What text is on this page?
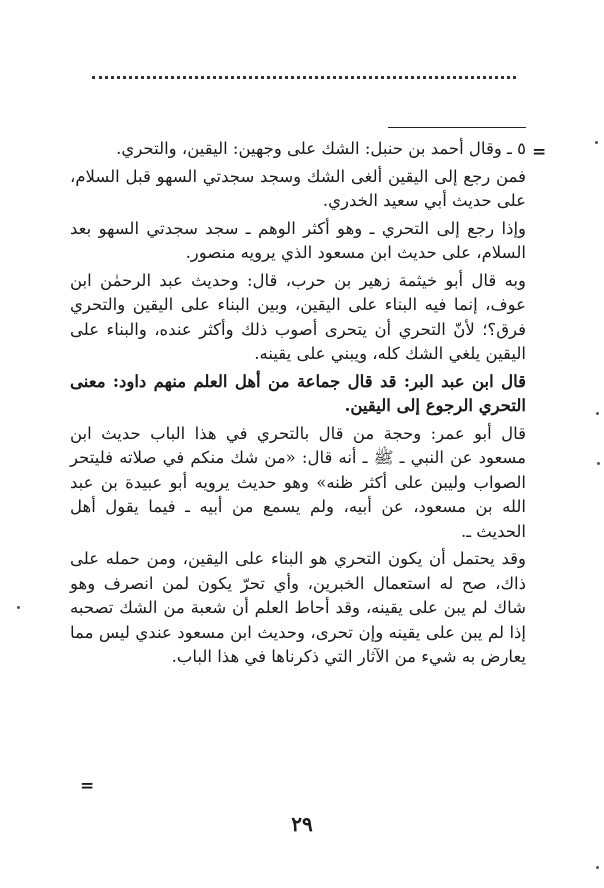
=

٥ ـ وقال أحمد بن حنبل: الشك على وجهين: اليقين، والتحري.

فمن رجع إلى اليقين ألغى الشك وسجد سجدتي السهو قبل السلام، على حديث أبي سعيد الخدري.

وإذا رجع إلى التحري ـ وهو أكثر الوهم ـ سجد سجدتي السهو بعد السلام، على حديث ابن مسعود الذي يرويه منصور.

وبه قال أبو خيثمة زهير بن حرب، قال: وحديث عبد الرحمٰن ابن عوف، إنما فيه البناء على اليقين، وبين البناء على اليقين والتحري فرق؟؛ لأنّ التحري أن يتحرى أصوب ذلك وأكثر عنده، والبناء على اليقين يلغي الشك كله، ويبني على يقينه.

قال ابن عبد البر: قد قال جماعة من أهل العلم منهم داود: معنى التحري الرجوع إلى اليقين.

قال أبو عمر: وحجة من قال بالتحري في هذا الباب حديث ابن مسعود عن النبي ـ ﷺ ـ أنه قال: «من شك منكم في صلاته فليتحر الصواب وليبن على أكثر ظنه» وهو حديث يرويه أبو عبيدة بن عبد الله بن مسعود، عن أبيه، ولم يسمع من أبيه ـ فيما يقول أهل الحديث ـ.

وقد يحتمل أن يكون التحري هو البناء على اليقين، ومن حمله على ذاك، صح له استعمال الخبرين، وأي تحرّ يكون لمن انصرف وهو شاك لم يبن على يقينه، وقد أحاط العلم أن شعبة من الشك تصحبه إذا لم يبن على يقينه وإن تحرى، وحديث ابن مسعود عندي ليس مما يعارض به شيء من الآثار التي ذكرناها في هذا الباب.

=
٢٩
